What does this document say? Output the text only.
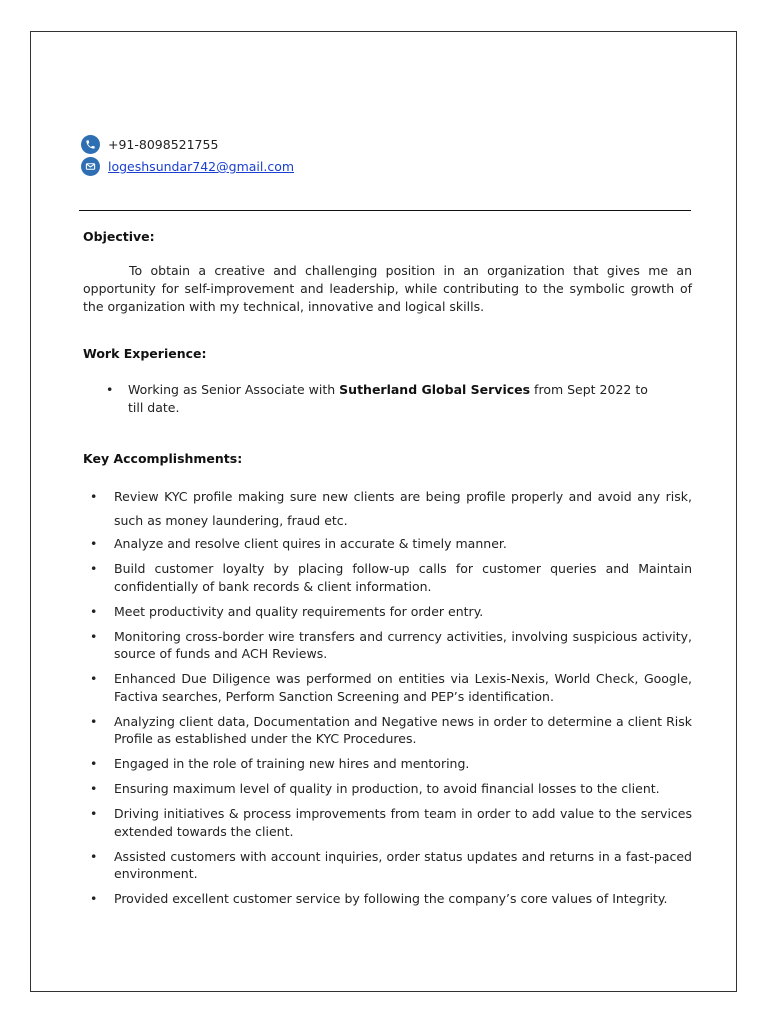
+91-8098521755
logeshsundar742@gmail.com
Objective:
To obtain a creative and challenging position in an organization that gives me an opportunity for self-improvement and leadership, while contributing to the symbolic growth of the organization with my technical, innovative and logical skills.
Work Experience:
• Working as Senior Associate with Sutherland Global Services from Sept 2022 to till date.
Key Accomplishments:
• Review KYC profile making sure new clients are being profile properly and avoid any risk, such as money laundering, fraud etc.
• Analyze and resolve client quires in accurate & timely manner.
• Build customer loyalty by placing follow-up calls for customer queries and Maintain confidentially of bank records & client information.
• Meet productivity and quality requirements for order entry.
• Monitoring cross-border wire transfers and currency activities, involving suspicious activity, source of funds and ACH Reviews.
• Enhanced Due Diligence was performed on entities via Lexis-Nexis, World Check, Google, Factiva searches, Perform Sanction Screening and PEP’s identification.
• Analyzing client data, Documentation and Negative news in order to determine a client Risk Profile as established under the KYC Procedures.
• Engaged in the role of training new hires and mentoring.
• Ensuring maximum level of quality in production, to avoid financial losses to the client.
• Driving initiatives & process improvements from team in order to add value to the services extended towards the client.
• Assisted customers with account inquiries, order status updates and returns in a fast-paced environment.
• Provided excellent customer service by following the company’s core values of Integrity.
